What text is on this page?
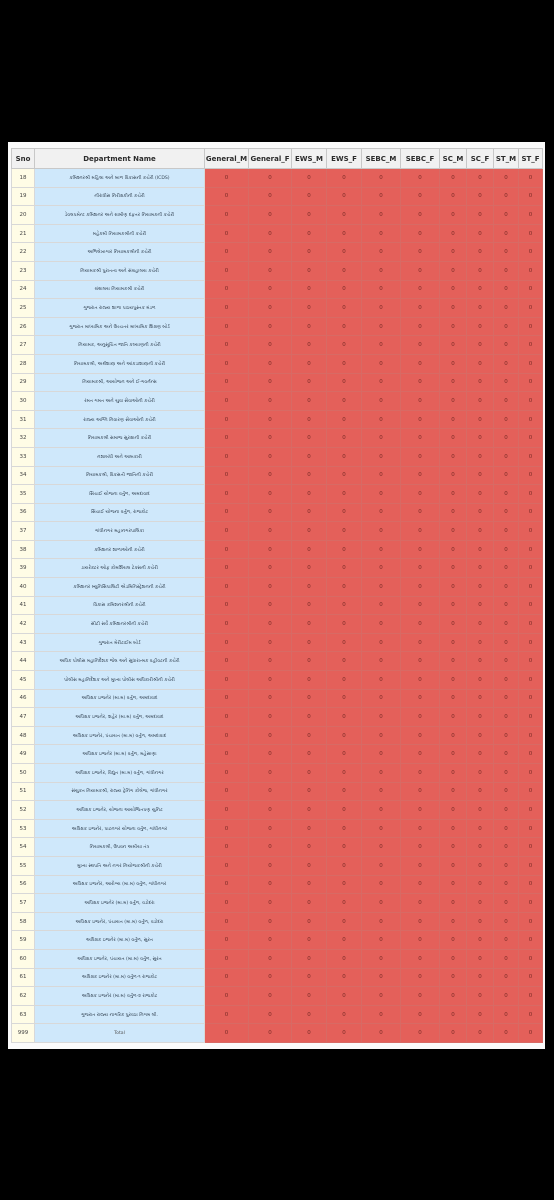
Sno	Department Name	General_M	General_F	EWS_M	EWS_F	SEBC_M	SEBC_F	SC_M	SC_F	ST_M	ST_F
18	કમિશ્નરશ્રી મહિલા અને બાળ વિકાસની કચેરી (ICDS)	0	0	0	0	0	0	0	0	0	0
19	નીરાધીસ નિરીક્ષકીની કચેરી	0	0	0	0	0	0	0	0	0	0
20	ડેવલપમેન્ટ કમિશનર અને ગ્રામીણ દફતર નિયામકની કચેરી	0	0	0	0	0	0	0	0	0	0
21	મહેકમી નિયામકશ્રીની કચેરી	0	0	0	0	0	0	0	0	0	0
22	અભિલેખાગાર નિયામકશ્રીની કચેરી	0	0	0	0	0	0	0	0	0	0
23	નિયામકશ્રી પુરાતત્વ અને સંગ્રહાલય કચેરી	0	0	0	0	0	0	0	0	0	0
24	ગ્રંથાલય નિયામકશ્રી કચેરી	0	0	0	0	0	0	0	0	0	0
25	ગુજરાત રાજ્ય શાળા પાઠયપુસ્તક મંડળ	0	0	0	0	0	0	0	0	0	0
26	ગુજરાત માધ્યમિક અને ઉચ્ચતર માધ્યમિક શિક્ષણ બોર્ડ	0	0	0	0	0	0	0	0	0	0
27	નિયામક, અનુસૂચિત જાતિ કલ્યાણની કચેરી	0	0	0	0	0	0	0	0	0	0
28	નિયામકશ્રી, અર્થશાસ્ત્ર અને આંકડાશાસ્ત્રની કચેરી	0	0	0	0	0	0	0	0	0	0
29	નિયામકશ્રી, આયોજન અને ઈ-ગવર્નન્સ	0	0	0	0	0	0	0	0	0	0
30	રમત ગમત અને યુવા સેવાઓની કચેરી	0	0	0	0	0	0	0	0	0	0
31	રાજ્ય અગ્નિ નિવારણ સેવાઓની કચેરી	0	0	0	0	0	0	0	0	0	0
32	નિયામકશ્રી સમાજ સુરક્ષાની કચેરી	0	0	0	0	0	0	0	0	0	0
33	નશાબંધી અને આબકારી	0	0	0	0	0	0	0	0	0	0
34	નિયામકશ્રી, વિકસતી જાતિની કચેરી	0	0	0	0	0	0	0	0	0	0
35	સિંચાઈ યોજના વર્તુળ, અમદાવાદ	0	0	0	0	0	0	0	0	0	0
36	સિંચાઈ યોજના વર્તુળ, રાજકોટ	0	0	0	0	0	0	0	0	0	0
37	ગાંધીનગર મહાનગરપાલિકા	0	0	0	0	0	0	0	0	0	0
38	કમિશનર શાળાઓની કચેરી	0	0	0	0	0	0	0	0	0	0
39	ડાયરેક્ટર ઓફ કોમર્શિયલ ટેક્સની કચેરી	0	0	0	0	0	0	0	0	0	0
40	કમિશનર મ્યુનિસિપાલિટી એડમિનિસ્ટ્રેશનની કચેરી	0	0	0	0	0	0	0	0	0	0
41	વિકાસ કમિશનરશ્રીની કચેરી	0	0	0	0	0	0	0	0	0	0
42	સીટી સર્વે કમિશનરશ્રીની કચેરી	0	0	0	0	0	0	0	0	0	0
43	ગુજરાત મેરીટાઈમ બોર્ડ	0	0	0	0	0	0	0	0	0	0
44	અધિક પોલીસ મહાનિર્દેશક જેલ અને સુધારાત્મક વહીવટની કચેરી	0	0	0	0	0	0	0	0	0	0
45	પોલીસ મહાનિર્દેશક અને મુખ્ય પોલીસ અધિકારીશ્રીની કચેરી	0	0	0	0	0	0	0	0	0	0
46	અધિક્ષક ઇજનેર (મા.મ) વર્તુળ, અમદાવાદ	0	0	0	0	0	0	0	0	0	0
47	અધિક્ષક ઇજનેર, શહેર (મા.મ) વર્તુળ, અમદાવાદ	0	0	0	0	0	0	0	0	0	0
48	અધિક્ષક ઇજનેર, પંચાયત (મા.મ) વર્તુળ, અમદાવાદ	0	0	0	0	0	0	0	0	0	0
49	અધિક્ષક ઇજનેર (મા.મ) વર્તુળ, મહેસાણા	0	0	0	0	0	0	0	0	0	0
50	અધિક્ષક ઇજનેર, વિદ્યુત (મા.મ) વર્તુળ, ગાંધીનગર	0	0	0	0	0	0	0	0	0	0
51	સંયુક્ત નિયામકશ્રી, રાજ્ય ટ્રેનિંગ કોલેજ, ગાંધીનગર	0	0	0	0	0	0	0	0	0	0
52	અધિક્ષક ઇજનેર, યોજના આયોજિતપણ યુનિટ	0	0	0	0	0	0	0	0	0	0
53	અધિક્ષક ઇજનેર, પાટનગર યોજના વર્તુળ, ગાંધીનગર	0	0	0	0	0	0	0	0	0	0
54	નિયામકશ્રી, ઉપવન અમીયા તંત્ર	0	0	0	0	0	0	0	0	0	0
55	મુખ્ય સ્થપતિ અને નગર નિયોજકશ્રીની કચેરી	0	0	0	0	0	0	0	0	0	0
56	અધિક્ષક ઇજનેર, આરોગ્ય (મા.મ) વર્તુળ, ગાંધીનગર	0	0	0	0	0	0	0	0	0	0
57	અધિક્ષક ઇજનેર (મા.મ) વર્તુળ, વડોદરા	0	0	0	0	0	0	0	0	0	0
58	અધિક્ષક ઇજનેર, પંચાયત (મા.મ) વર્તુળ, વડોદરા	0	0	0	0	0	0	0	0	0	0
59	અધિક્ષક ઇજનેર (મા.મ) વર્તુળ, સુરત	0	0	0	0	0	0	0	0	0	0
60	અધિક્ષક ઇજનેર, પંચાયત (મા.મ) વર્તુળ, સુરત	0	0	0	0	0	0	0	0	0	0
61	અધિક્ષક ઇજનેર (મા.મ) વર્તુળ-૧ રાજકોટ	0	0	0	0	0	0	0	0	0	0
62	અધિક્ષક ઇજનેર (મા.મ) વર્તુળ-૨ રાજકોટ	0	0	0	0	0	0	0	0	0	0
63	ગુજરાત રાજ્ય નાગરિક પુરવઠા નિગમ લી.	0	0	0	0	0	0	0	0	0	0
999	Total	0	0	0	0	0	0	0	0	0	0
